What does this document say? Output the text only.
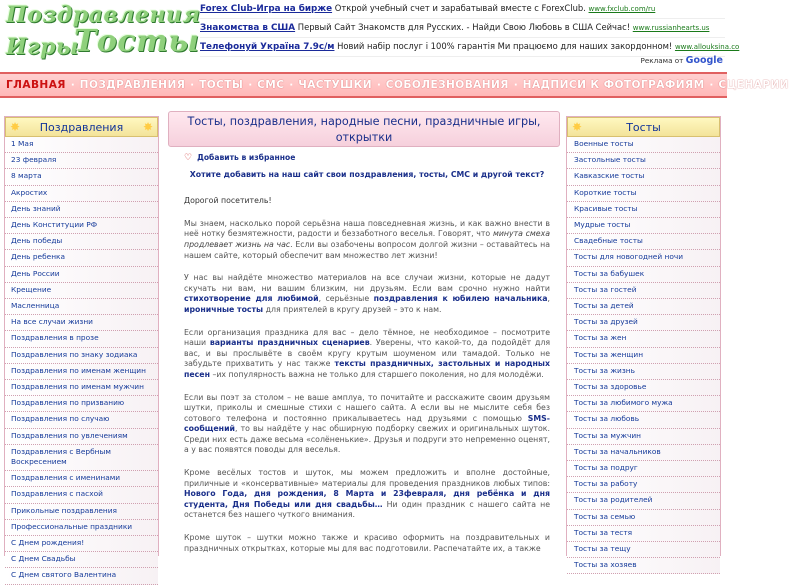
Поздравления
Игры
Тосты
Forex Club-Игра на бирже Открой учебный счет и зарабатывай вместе с ForexClub. www.fxclub.com/ru
Знакомства в США Первый Сайт Знакомств для Русских. - Найди Свою Любовь в США Сейчас! www.russianhearts.us
Телефонуй Україна 7.9с/м Новий набір послуг і 100% гарантія Ми працюємо для наших закордонном! www.allouksina.co
Реклама от Google
ГЛАВНАЯ · ПОЗДРАВЛЕНИЯ · ТОСТЫ · СМС · ЧАСТУШКИ · СОБОЛЕЗНОВАНИЯ · НАДПИСИ К ФОТОГРАФИЯМ · СЦЕНАРИИ
✸ Поздравления ✸
1 Мая
23 февраля
8 марта
Акростих
День знаний
День Конституции РФ
День победы
День ребенка
День России
Крещение
Масленница
На все случаи жизни
Поздравления в прозе
Поздравления по знаку зодиака
Поздравления по именам женщин
Поздравления по именам мужчин
Поздравления по призванию
Поздравления по случаю
Поздравления по увлечениям
Поздравления с Вербным Воскресением
Поздравления с именинами
Поздравления с пасхой
Прикольные поздравления
Профессиональные праздники
С Днем рождения!
С Днем Свадьбы
С Днем святого Валентина
Тосты, поздравления, народные песни, праздничные игры, открытки
♡ Добавить в избранное
Хотите добавить на наш сайт свои поздравления, тосты, СМС и другой текст?
Дорогой посетитель!

Мы знаем, насколько порой серьёзна наша повседневная жизнь, и как важно внести в неё нотку безмятежности, радости и беззаботного веселья. Говорят, что минута смеха продлевает жизнь на час. Если вы озабочены вопросом долгой жизни – оставайтесь на нашем сайте, который обеспечит вам множество лет жизни!

У нас вы найдёте множество материалов на все случаи жизни, которые не дадут скучать ни вам, ни вашим близким, ни друзьям. Если вам срочно нужно найти стихотворение для любимой, серьёзные поздравления к юбилею начальника, ироничные тосты для приятелей в кругу друзей – это к нам.

Если организация праздника для вас – дело тёмное, не необходимое – посмотрите наши варианты праздничных сценариев. Уверены, что какой-то, да подойдёт для вас, и вы прослывёте в своём кругу крутым шоуменом или тамадой. Только не забудьте прихватить у нас также тексты праздничных, застольных и народных песен –их популярность важна не только для старшего поколения, но для молодёжи.

Если вы поэт за столом – не ваше амплуа, то почитайте и расскажите своим друзьям шутки, приколы и смешные стихи с нашего сайта. А если вы не мыслите себя без сотового телефона и постоянно прикалываетесь над друзьями с помощью SMS-сообщений, то вы найдёте у нас обширную подборку свежих и оригинальных шуток. Среди них есть даже весьма «солёненькие». Друзья и подруги это непременно оценят, а у вас появятся поводы для веселья.

Кроме весёлых тостов и шуток, мы можем предложить и вполне достойные, приличные и «консервативные» материалы для проведения праздников любых типов: Нового Года, дня рождения, 8 Марта и 23февраля, дня ребёнка и дня студента, Дня Победы или дня свадьбы… Ни один праздник с нашего сайта не останется без нашего чуткого внимания.

Кроме шуток – шутки можно также и красиво оформить на поздравительных и праздничных открытках, которые мы для вас подготовили. Распечатайте их, а также

✸	Тосты
Военные тосты
Застольные тосты
Кавказские тосты
Короткие тосты
Красивые тосты
Мудрые тосты
Свадебные тосты
Тосты для новогодней ночи
Тосты за бабушек
Тосты за гостей
Тосты за детей
Тосты за друзей
Тосты за жен
Тосты за женщин
Тосты за жизнь
Тосты за здоровье
Тосты за любимого мужа
Тосты за любовь
Тосты за мужчин
Тосты за начальников
Тосты за подруг
Тосты за работу
Тосты за родителей
Тосты за семью
Тосты за тестя
Тосты за тещу
Тосты за хозяев
